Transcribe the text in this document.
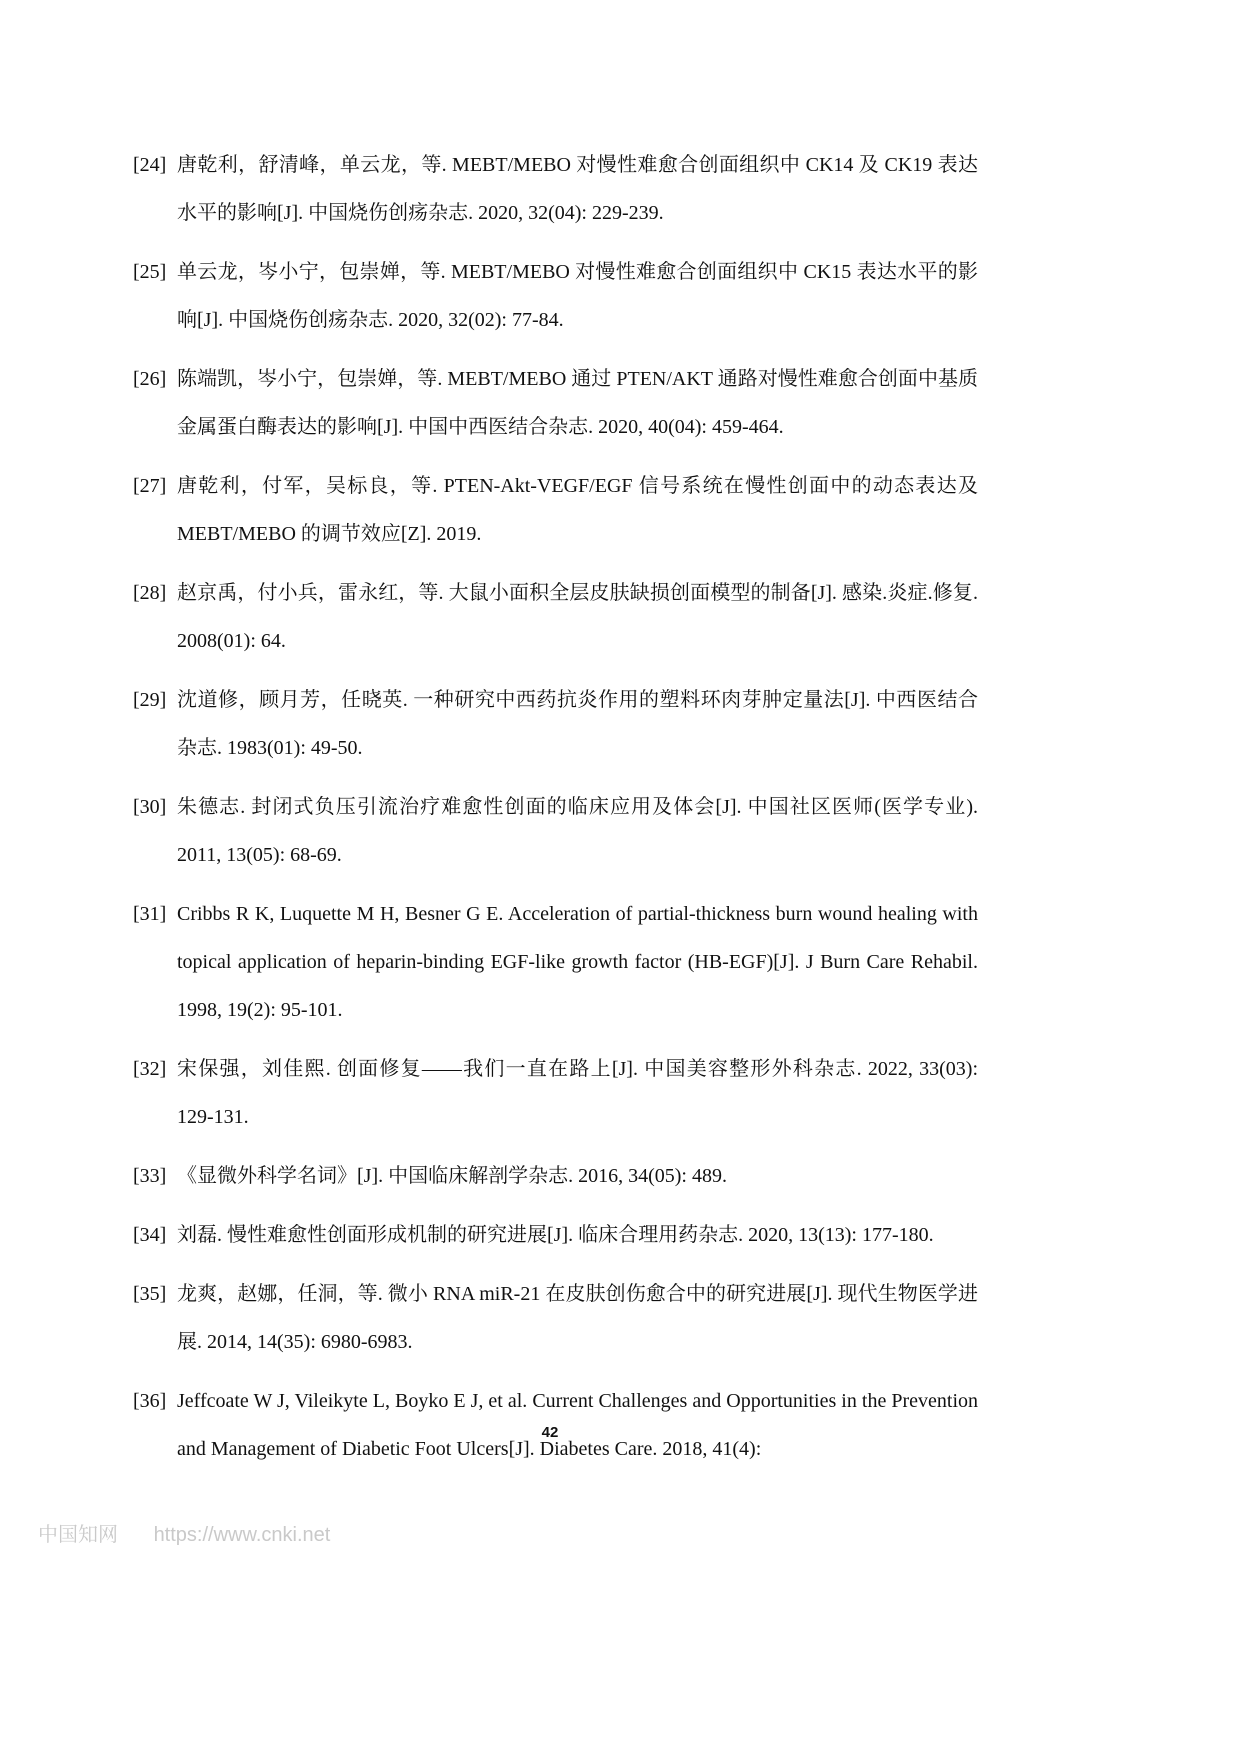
[24] 唐乾利，舒清峰，单云龙，等. MEBT/MEBO 对慢性难愈合创面组织中 CK14 及 CK19 表达水平的影响[J]. 中国烧伤创疡杂志. 2020, 32(04): 229-239.
[25] 单云龙，岑小宁，包崇婵，等. MEBT/MEBO 对慢性难愈合创面组织中 CK15 表达水平的影响[J]. 中国烧伤创疡杂志. 2020, 32(02): 77-84.
[26] 陈端凯，岑小宁，包崇婵，等. MEBT/MEBO 通过 PTEN/AKT 通路对慢性难愈合创面中基质金属蛋白酶表达的影响[J]. 中国中西医结合杂志. 2020, 40(04): 459-464.
[27] 唐乾利，付军，吴标良，等. PTEN-Akt-VEGF/EGF 信号系统在慢性创面中的动态表达及 MEBT/MEBO 的调节效应[Z]. 2019.
[28] 赵京禹，付小兵，雷永红，等. 大鼠小面积全层皮肤缺损创面模型的制备[J]. 感染.炎症.修复. 2008(01): 64.
[29] 沈道修，顾月芳，任晓英. 一种研究中西药抗炎作用的塑料环肉芽肿定量法[J]. 中西医结合杂志. 1983(01): 49-50.
[30] 朱德志. 封闭式负压引流治疗难愈性创面的临床应用及体会[J]. 中国社区医师(医学专业). 2011, 13(05): 68-69.
[31] Cribbs R K, Luquette M H, Besner G E. Acceleration of partial-thickness burn wound healing with topical application of heparin-binding EGF-like growth factor (HB-EGF)[J]. J Burn Care Rehabil. 1998, 19(2): 95-101.
[32] 宋保强，刘佳熙. 创面修复——我们一直在路上[J]. 中国美容整形外科杂志. 2022, 33(03): 129-131.
[33] 《显微外科学名词》[J]. 中国临床解剖学杂志. 2016, 34(05): 489.
[34] 刘磊. 慢性难愈性创面形成机制的研究进展[J]. 临床合理用药杂志. 2020, 13(13): 177-180.
[35] 龙爽，赵娜，任洞，等. 微小 RNA miR-21 在皮肤创伤愈合中的研究进展[J]. 现代生物医学进展. 2014, 14(35): 6980-6983.
[36] Jeffcoate W J, Vileikyte L, Boyko E J, et al. Current Challenges and Opportunities in the Prevention and Management of Diabetic Foot Ulcers[J]. Diabetes Care. 2018, 41(4):
42
中国知网 https://www.cnki.net
